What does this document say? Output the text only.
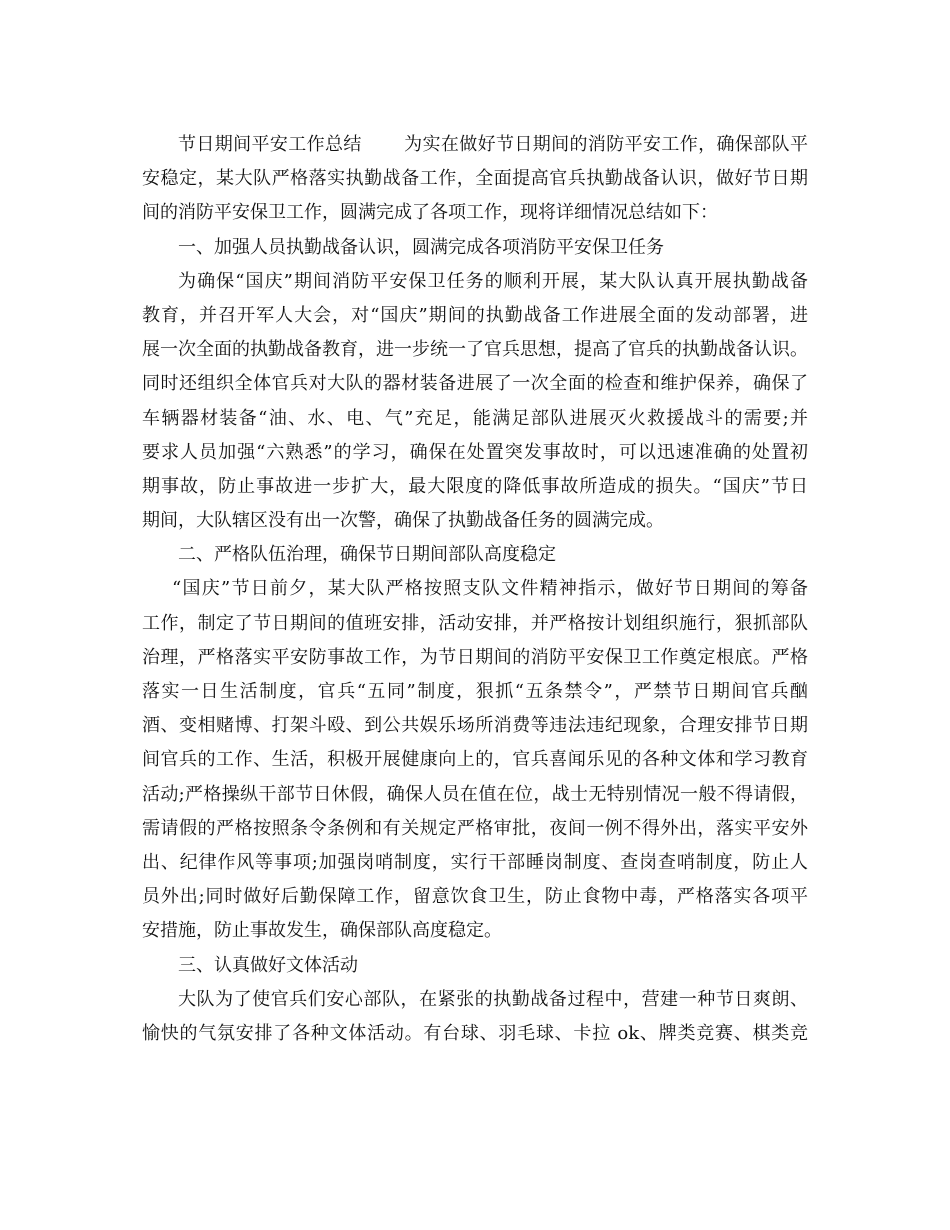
节日期间平安工作总结 为实在做好节日期间的消防平安工作，确保部队平
安稳定，某大队严格落实执勤战备工作，全面提高官兵执勤战备认识，做好节日期
间的消防平安保卫工作，圆满完成了各项工作，现将详细情况总结如下：
一、加强人员执勤战备认识，圆满完成各项消防平安保卫任务
为确保“国庆”期间消防平安保卫任务的顺利开展，某大队认真开展执勤战备
教育，并召开军人大会，对“国庆”期间的执勤战备工作进展全面的发动部署，进
展一次全面的执勤战备教育，进一步统一了官兵思想，提高了官兵的执勤战备认识。
同时还组织全体官兵对大队的器材装备进展了一次全面的检查和维护保养，确保了
车辆器材装备“油、水、电、气”充足，能满足部队进展灭火救援战斗的需要;并
要求人员加强“六熟悉”的学习，确保在处置突发事故时，可以迅速准确的处置初
期事故，防止事故进一步扩大，最大限度的降低事故所造成的损失。“国庆”节日
期间，大队辖区没有出一次警，确保了执勤战备任务的圆满完成。
二、严格队伍治理，确保节日期间部队高度稳定
“国庆”节日前夕，某大队严格按照支队文件精神指示，做好节日期间的筹备
工作，制定了节日期间的值班安排，活动安排，并严格按计划组织施行，狠抓部队
治理，严格落实平安防事故工作，为节日期间的消防平安保卫工作奠定根底。严格
落实一日生活制度，官兵“五同”制度，狠抓“五条禁令”，严禁节日期间官兵酗
酒、变相赌博、打架斗殴、到公共娱乐场所消费等违法违纪现象，合理安排节日期
间官兵的工作、生活，积极开展健康向上的，官兵喜闻乐见的各种文体和学习教育
活动;严格操纵干部节日休假，确保人员在值在位，战士无特别情况一般不得请假，
需请假的严格按照条令条例和有关规定严格审批，夜间一例不得外出，落实平安外
出、纪律作风等事项;加强岗哨制度，实行干部睡岗制度、查岗查哨制度，防止人
员外出;同时做好后勤保障工作，留意饮食卫生，防止食物中毒，严格落实各项平
安措施，防止事故发生，确保部队高度稳定。
三、认真做好文体活动
大队为了使官兵们安心部队，在紧张的执勤战备过程中，营建一种节日爽朗、
愉快的气氛安排了各种文体活动。有台球、羽毛球、卡拉 ok、牌类竞赛、棋类竞
